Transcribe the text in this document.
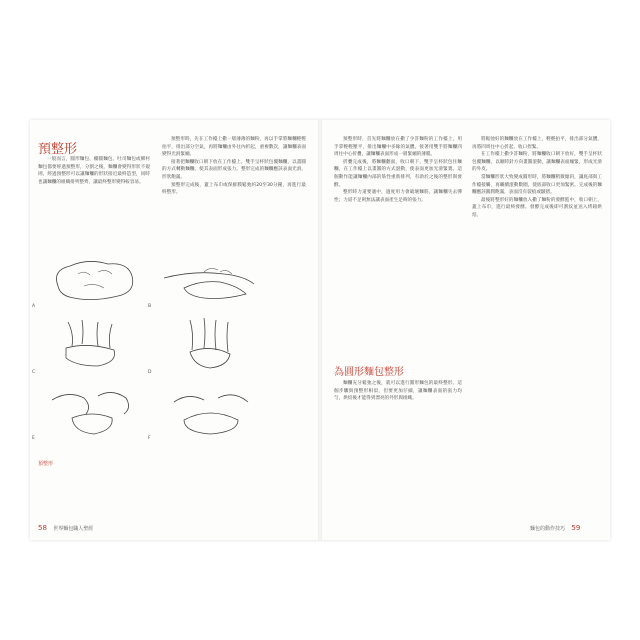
預整形

一般而言，圓形麵包、橢圓麵包、吐司麵包或鄉村麵包都要經過預整形，分割之後，麵糰會變得形狀不規則，經過預整形可以讓麵糰的形狀接近最終造型，同時也讓麵糰的組織排列整齊，讓最終整形變得較容易。

預整形時，先在工作檯上撒一層薄薄的麵粉，再以手掌將麵糰輕輕拍平，排出部分空氣，再將麵糰由外往內折起，重複數次，讓麵糰表面變得光滑緊繃。

接著把麵糰收口朝下放在工作檯上，雙手呈杯狀包覆麵糰，以畫圓的方式轉動麵糰，使其表面形成張力。整形完成的麵糰應該表面光滑、形狀飽滿。

預整形完成後，蓋上布巾或保鮮膜鬆弛約20至30分鐘，再進行最終整形。

A	B
C	D
E	F
預整形
58 世界麵包職人聖經

預整形時，首先將麵糰放在撒了少許麵粉的工作檯上，用手掌輕輕壓平，排出麵糰中多餘的氣體。接著用雙手將麵糰四周往中心折疊，讓麵糰表面形成一層緊繃的薄膜。

折疊完成後，將麵糰翻面，收口朝下，雙手呈杯狀包住麵糰，在工作檯上以畫圓的方式滾動，使表面更加光滑緊實。這個動作能讓麵糰內部的筋性重新排列，有助於之後的整形與發酵。

整形時力道要適中，過度用力會破壞麵筋，讓麵糰失去彈性；力道不足則無法讓表面產生足夠的張力。

為圓形麵包整形

麵糰充分鬆弛之後，就可以進行圓形麵包的最終整形。這個步驟與預整形相似，但要更加仔細，讓麵糰表面的張力均勻，烘焙後才能得到漂亮的外形與組織。

將鬆弛好的麵糰放在工作檯上，輕輕拍平，排出部分氣體，再將四周往中心折起，收口捏緊。

在工作檯上撒少許麵粉，將麵糰收口朝下放好，雙手呈杯狀包覆麵糰，以順時針方向畫圓滾動，讓麵糰表面繃緊，形成光滑的外皮。

當麵糰形狀大致變成圓形時，將麵糰稍微傾斜，讓底部與工作檯接觸，再繼續滾動數圈，使底部收口更加緊密。完成後的麵糰應該圓潤飽滿，表面沒有裂痕或皺摺。

最後將整形好的麵糰放入撒了麵粉的發酵籃中，收口朝上，蓋上布巾，進行最終發酵。發酵完成後即可割紋並送入烤箱烘焙。

麵包的動作技巧 59
